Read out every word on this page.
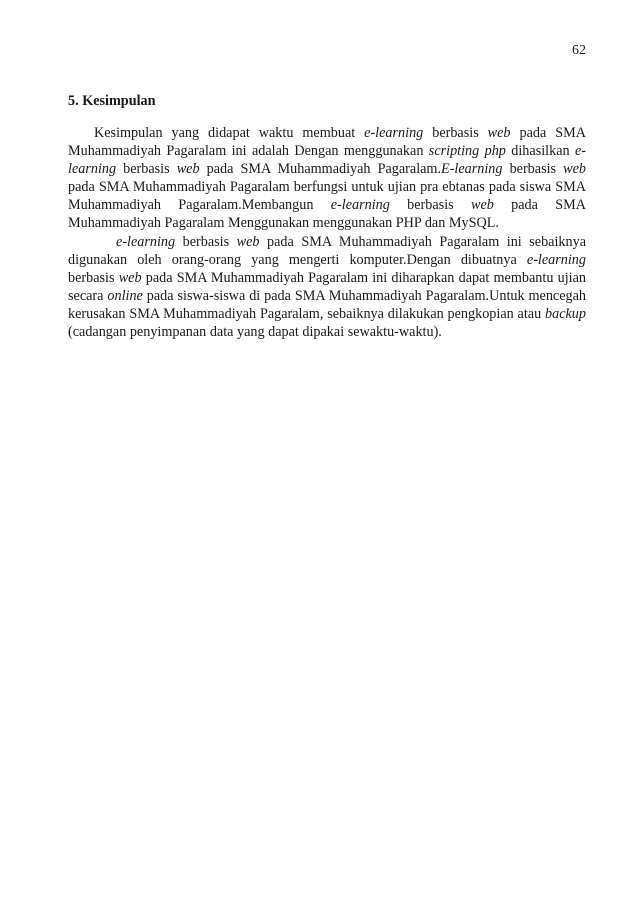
62
5. Kesimpulan

Kesimpulan yang didapat waktu membuat e-learning berbasis web pada SMA Muhammadiyah Pagaralam ini adalah Dengan menggunakan scripting php dihasilkan e-learning berbasis web pada SMA Muhammadiyah Pagaralam.E-learning berbasis web pada SMA Muhammadiyah Pagaralam berfungsi untuk ujian pra ebtanas pada siswa SMA Muhammadiyah Pagaralam.Membangun e-learning berbasis web pada SMA Muhammadiyah Pagaralam Menggunakan menggunakan PHP dan MySQL.

e-learning berbasis web pada SMA Muhammadiyah Pagaralam ini sebaiknya digunakan oleh orang-orang yang mengerti komputer.Dengan dibuatnya e-learning berbasis web pada SMA Muhammadiyah Pagaralam ini diharapkan dapat membantu ujian secara online pada siswa-siswa di pada SMA Muhammadiyah Pagaralam.Untuk mencegah kerusakan SMA Muhammadiyah Pagaralam, sebaiknya dilakukan pengkopian atau backup (cadangan penyimpanan data yang dapat dipakai sewaktu-waktu).
